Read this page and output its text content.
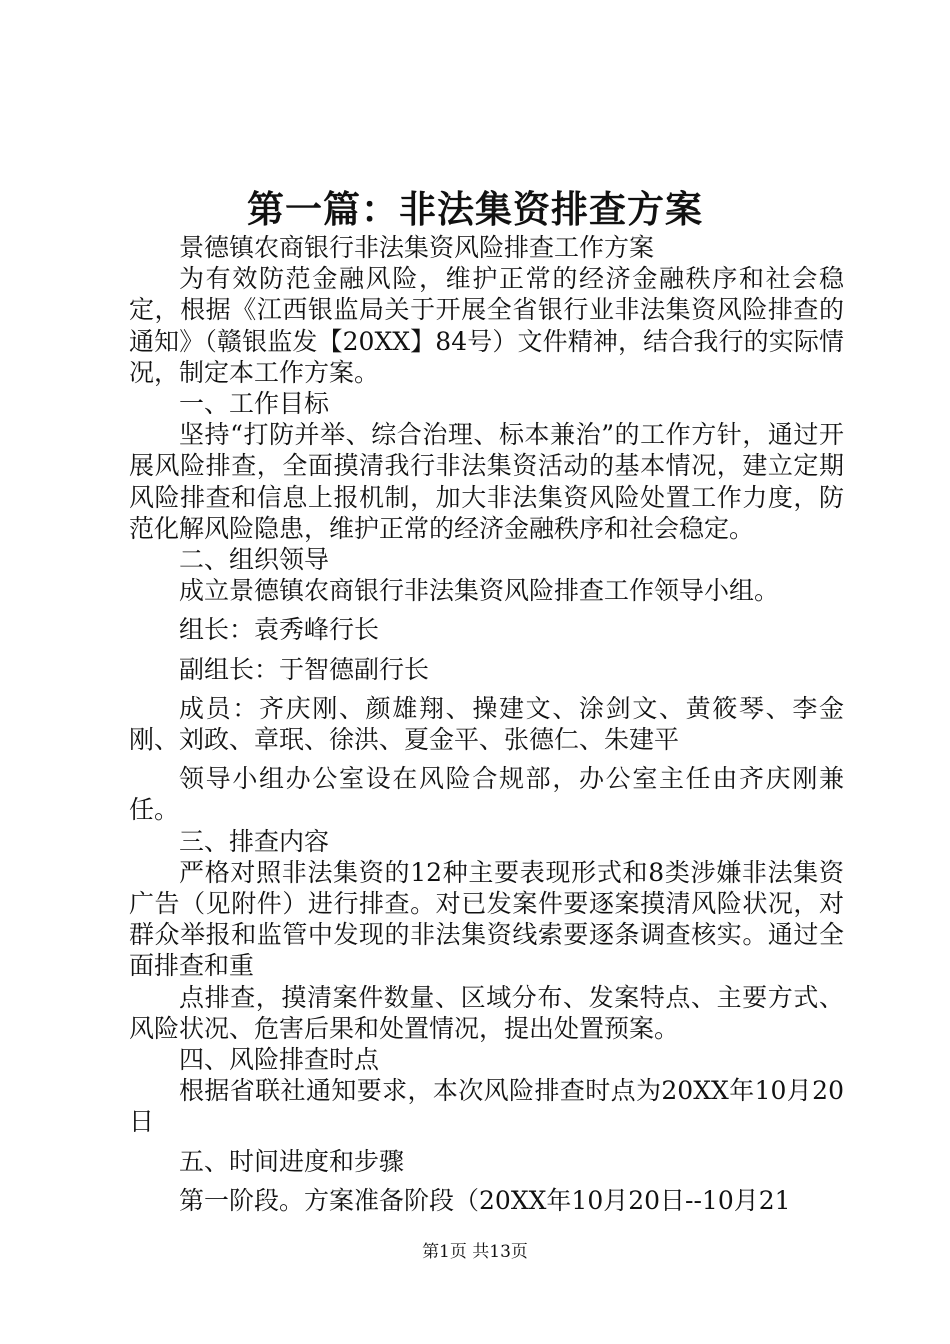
第一篇：非法集资排查方案

景德镇农商银行非法集资风险排查工作方案

为有效防范金融风险，维护正常的经济金融秩序和社会稳定，根据《江西银监局关于开展全省银行业非法集资风险排查的通知》（赣银监发【20XX】84号）文件精神，结合我行的实际情况，制定本工作方案。

一、工作目标

坚持“打防并举、综合治理、标本兼治”的工作方针，通过开展风险排查，全面摸清我行非法集资活动的基本情况，建立定期风险排查和信息上报机制，加大非法集资风险处置工作力度，防范化解风险隐患，维护正常的经济金融秩序和社会稳定。

二、组织领导

成立景德镇农商银行非法集资风险排查工作领导小组。

组长：袁秀峰行长

副组长：于智德副行长

成员：齐庆刚、颜雄翔、操建文、涂剑文、黄筱琴、李金刚、刘政、章珉、徐洪、夏金平、张德仁、朱建平

领导小组办公室设在风险合规部，办公室主任由齐庆刚兼任。

三、排查内容

严格对照非法集资的12种主要表现形式和8类涉嫌非法集资广告（见附件）进行排查。对已发案件要逐案摸清风险状况，对群众举报和监管中发现的非法集资线索要逐条调查核实。通过全面排查和重

点排查，摸清案件数量、区域分布、发案特点、主要方式、风险状况、危害后果和处置情况，提出处置预案。

四、风险排查时点

根据省联社通知要求，本次风险排查时点为20XX年10月20日

五、时间进度和步骤

第一阶段。方案准备阶段（20XX年10月20日--10月21

第1页 共13页
